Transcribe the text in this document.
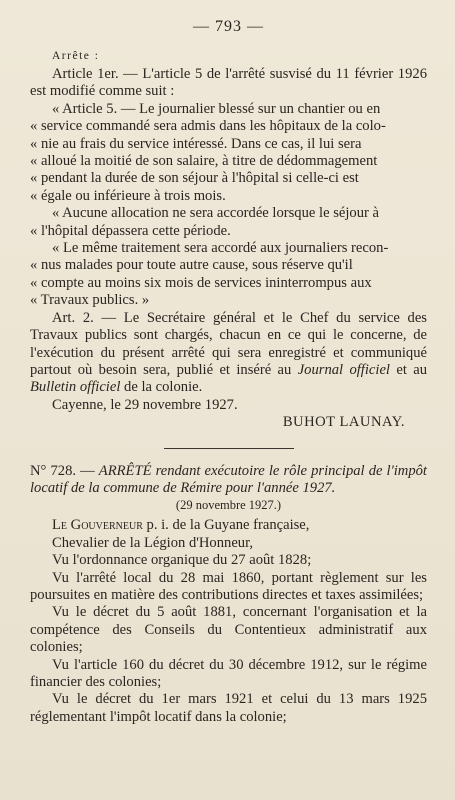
— 793 —
Arrête :

Article 1er. — L'article 5 de l'arrêté susvisé du 11 février 1926 est modifié comme suit :

« Article 5. — Le journalier blessé sur un chantier ou en

« service commandé sera admis dans les hôpitaux de la colo-

« nie au frais du service intéressé. Dans ce cas, il lui sera

« alloué la moitié de son salaire, à titre de dédommagement

« pendant la durée de son séjour à l'hôpital si celle-ci est

« égale ou inférieure à trois mois.

« Aucune allocation ne sera accordée lorsque le séjour à

« l'hôpital dépassera cette période.

« Le même traitement sera accordé aux journaliers recon-

« nus malades pour toute autre cause, sous réserve qu'il

« compte au moins six mois de services ininterrompus aux

« Travaux publics. »

Art. 2. — Le Secrétaire général et le Chef du service des Travaux publics sont chargés, chacun en ce qui le concerne, de l'exécution du présent arrêté qui sera enregistré et communiqué partout où besoin sera, publié et inséré au Journal officiel et au Bulletin officiel de la colonie.

Cayenne, le 29 novembre 1927.

BUHOT LAUNAY.

N° 728. — ARRÊTÉ rendant exécutoire le rôle principal de l'impôt locatif de la commune de Rémire pour l'année 1927.

(29 novembre 1927.)

Le Gouverneur p. i. de la Guyane française,

Chevalier de la Légion d'Honneur,

Vu l'ordonnance organique du 27 août 1828;

Vu l'arrêté local du 28 mai 1860, portant règlement sur les poursuites en matière des contributions directes et taxes assimilées;

Vu le décret du 5 août 1881, concernant l'organisation et la compétence des Conseils du Contentieux administratif aux colonies;

Vu l'article 160 du décret du 30 décembre 1912, sur le régime financier des colonies;

Vu le décret du 1er mars 1921 et celui du 13 mars 1925 réglementant l'impôt locatif dans la colonie;
